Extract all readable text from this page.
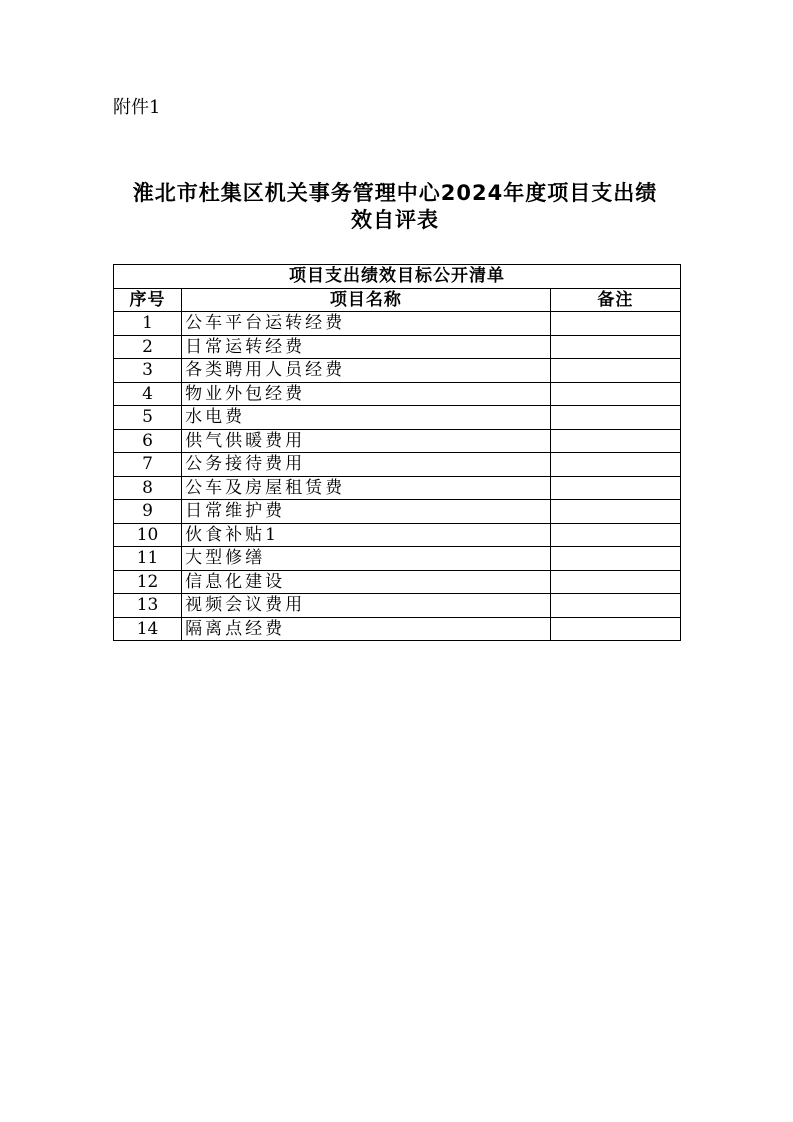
附件1
淮北市杜集区机关事务管理中心2024年度项目支出绩
效自评表
项目支出绩效目标公开清单		
序号	项目名称	备注
1	公车平台运转经费	
2	日常运转经费	
3	各类聘用人员经费	
4	物业外包经费	
5	水电费	
6	供气供暖费用	
7	公务接待费用	
8	公车及房屋租赁费	
9	日常维护费	
10	伙食补贴1	
11	大型修缮	
12	信息化建设	
13	视频会议费用	
14	隔离点经费	
